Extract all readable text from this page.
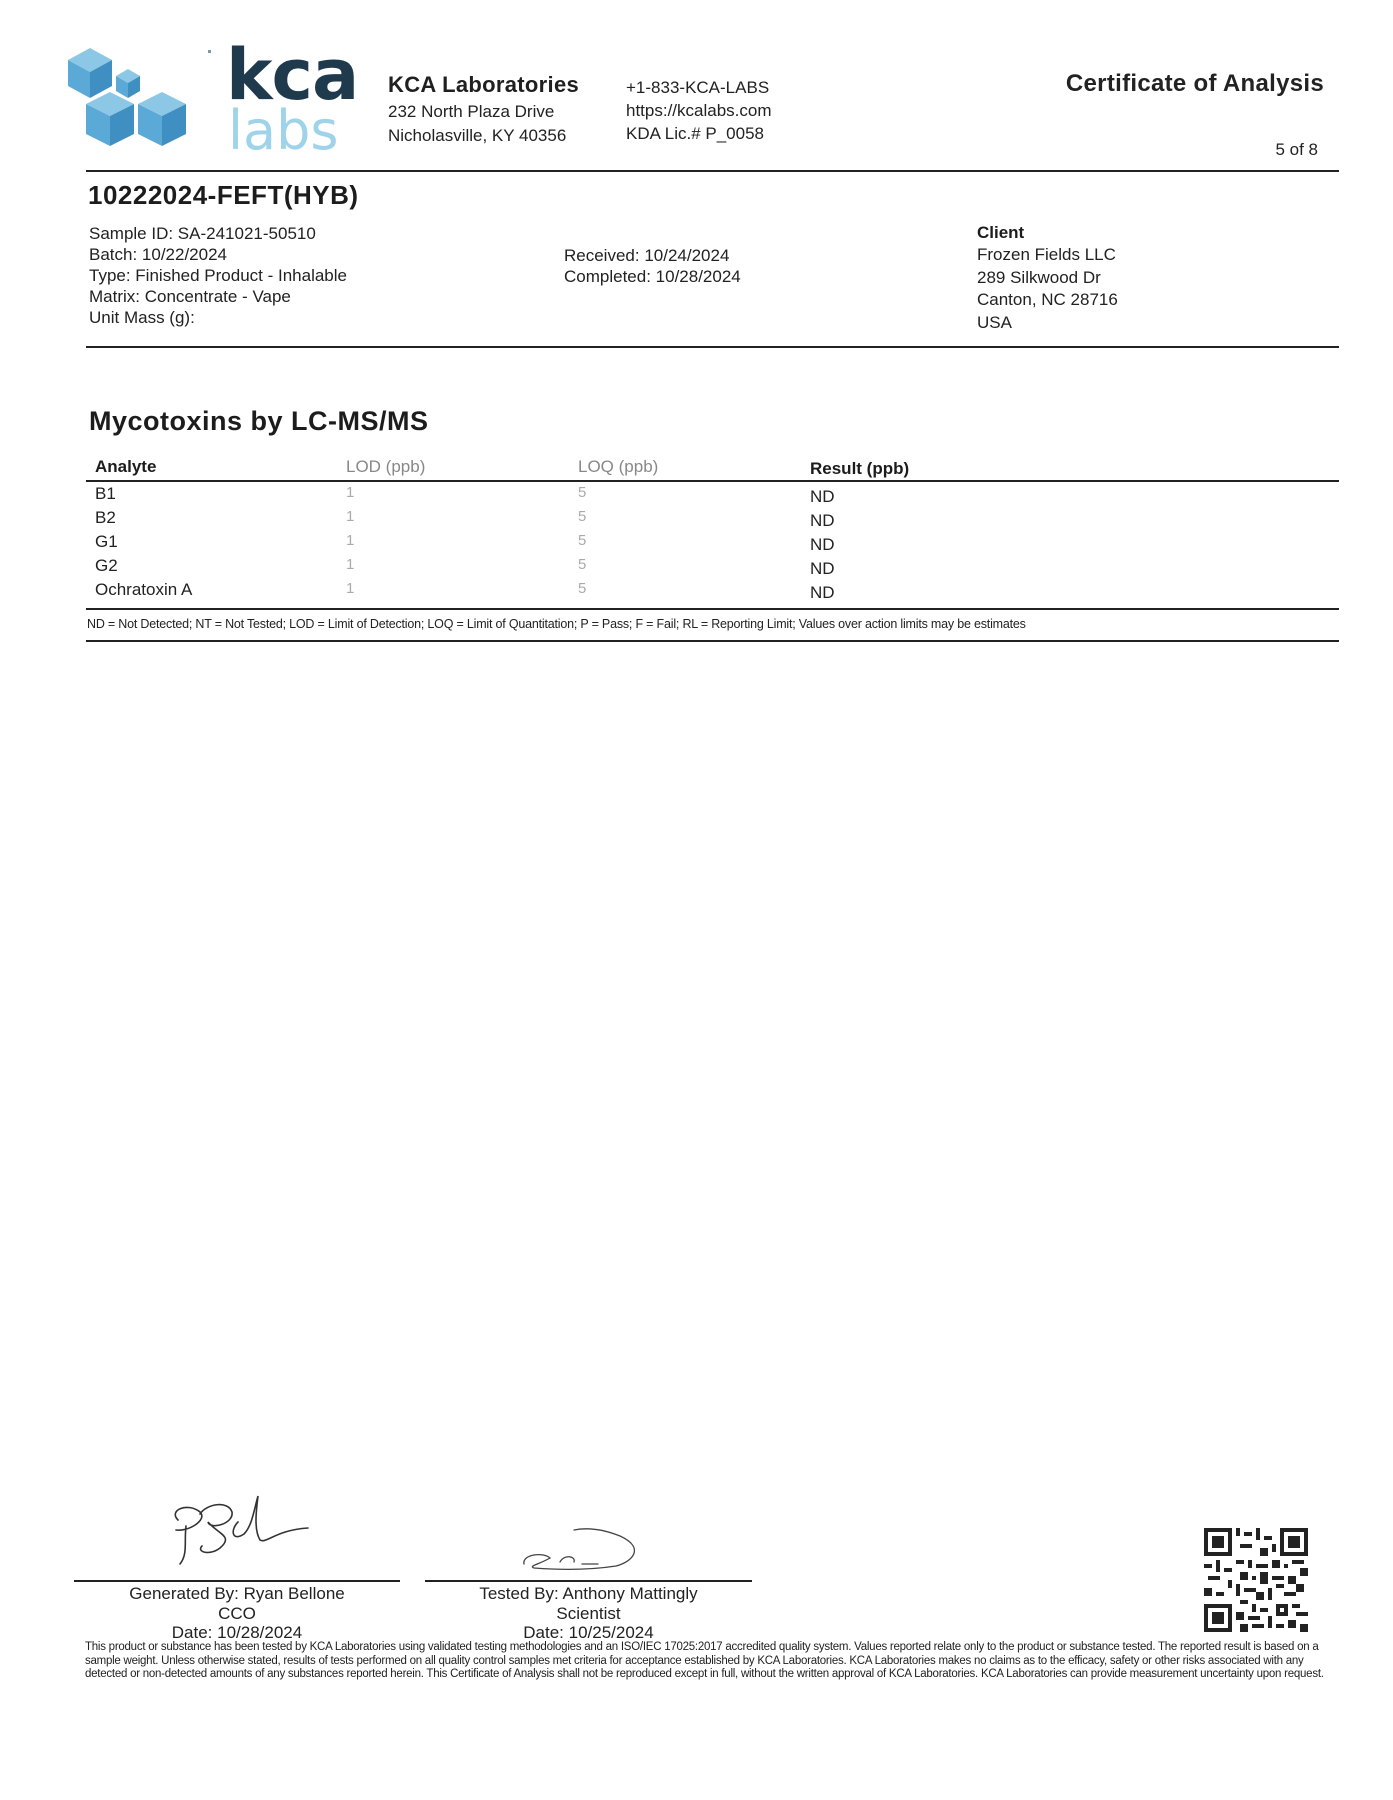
kca
labs
KCA Laboratories
232 North Plaza Drive
Nicholasville, KY 40356
+1-833-KCA-LABS
https://kcalabs.com
KDA Lic.# P_0058
Certificate of Analysis
5 of 8
10222024-FEFT(HYB)
Sample ID: SA-241021-50510
Batch: 10/22/2024
Type: Finished Product - Inhalable
Matrix: Concentrate - Vape
Unit Mass (g):
Received: 10/24/2024
Completed: 10/28/2024
Client
Frozen Fields LLC
289 Silkwood Dr
Canton, NC 28716
USA
Mycotoxins by LC-MS/MS
Analyte	LOD (ppb)	LOQ (ppb)	Result (ppb)
B1	1	5	ND
B2	1	5	ND
G1	1	5	ND
G2	1	5	ND
Ochratoxin A	1	5	ND
ND = Not Detected; NT = Not Tested; LOD = Limit of Detection; LOQ = Limit of Quantitation; P = Pass; F = Fail; RL = Reporting Limit; Values over action limits may be estimates
Generated By: Ryan Bellone
CCO
Date: 10/28/2024
Tested By: Anthony Mattingly
Scientist
Date: 10/25/2024
This product or substance has been tested by KCA Laboratories using validated testing methodologies and an ISO/IEC 17025:2017 accredited quality system. Values reported relate only to the product or substance tested. The reported result is based on a sample weight. Unless otherwise stated, results of tests performed on all quality control samples met criteria for acceptance established by KCA Laboratories. KCA Laboratories makes no claims as to the efficacy, safety or other risks associated with any detected or non-detected amounts of any substances reported herein. This Certificate of Analysis shall not be reproduced except in full, without the written approval of KCA Laboratories. KCA Laboratories can provide measurement uncertainty upon request.
